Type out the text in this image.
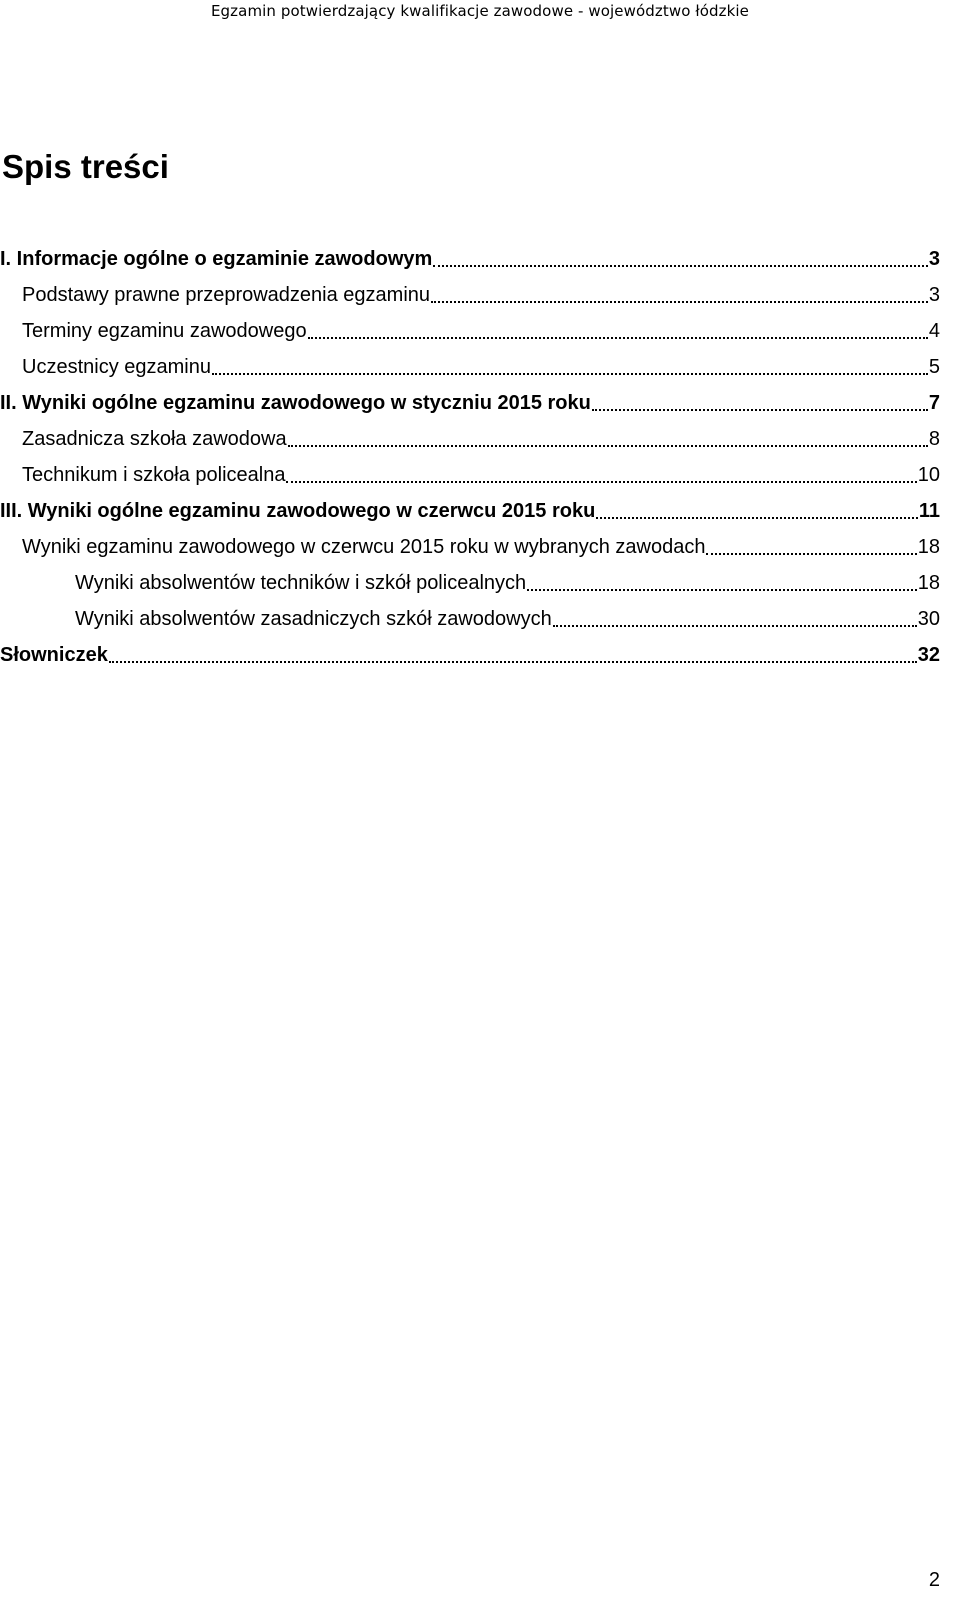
Egzamin potwierdzający kwalifikacje zawodowe - województwo łódzkie
Spis treści
I. Informacje ogólne o egzaminie zawodowym	3
Podstawy prawne przeprowadzenia egzaminu	3
Terminy egzaminu zawodowego	4
Uczestnicy egzaminu	5
II. Wyniki ogólne egzaminu zawodowego w styczniu 2015 roku	7
Zasadnicza szkoła zawodowa	8
Technikum i szkoła policealna	10
III. Wyniki ogólne egzaminu zawodowego w czerwcu 2015 roku	11
Wyniki egzaminu zawodowego w czerwcu 2015 roku w wybranych zawodach	18
Wyniki absolwentów techników i szkół policealnych	18
Wyniki absolwentów zasadniczych szkół zawodowych	30
Słowniczek	32
2
